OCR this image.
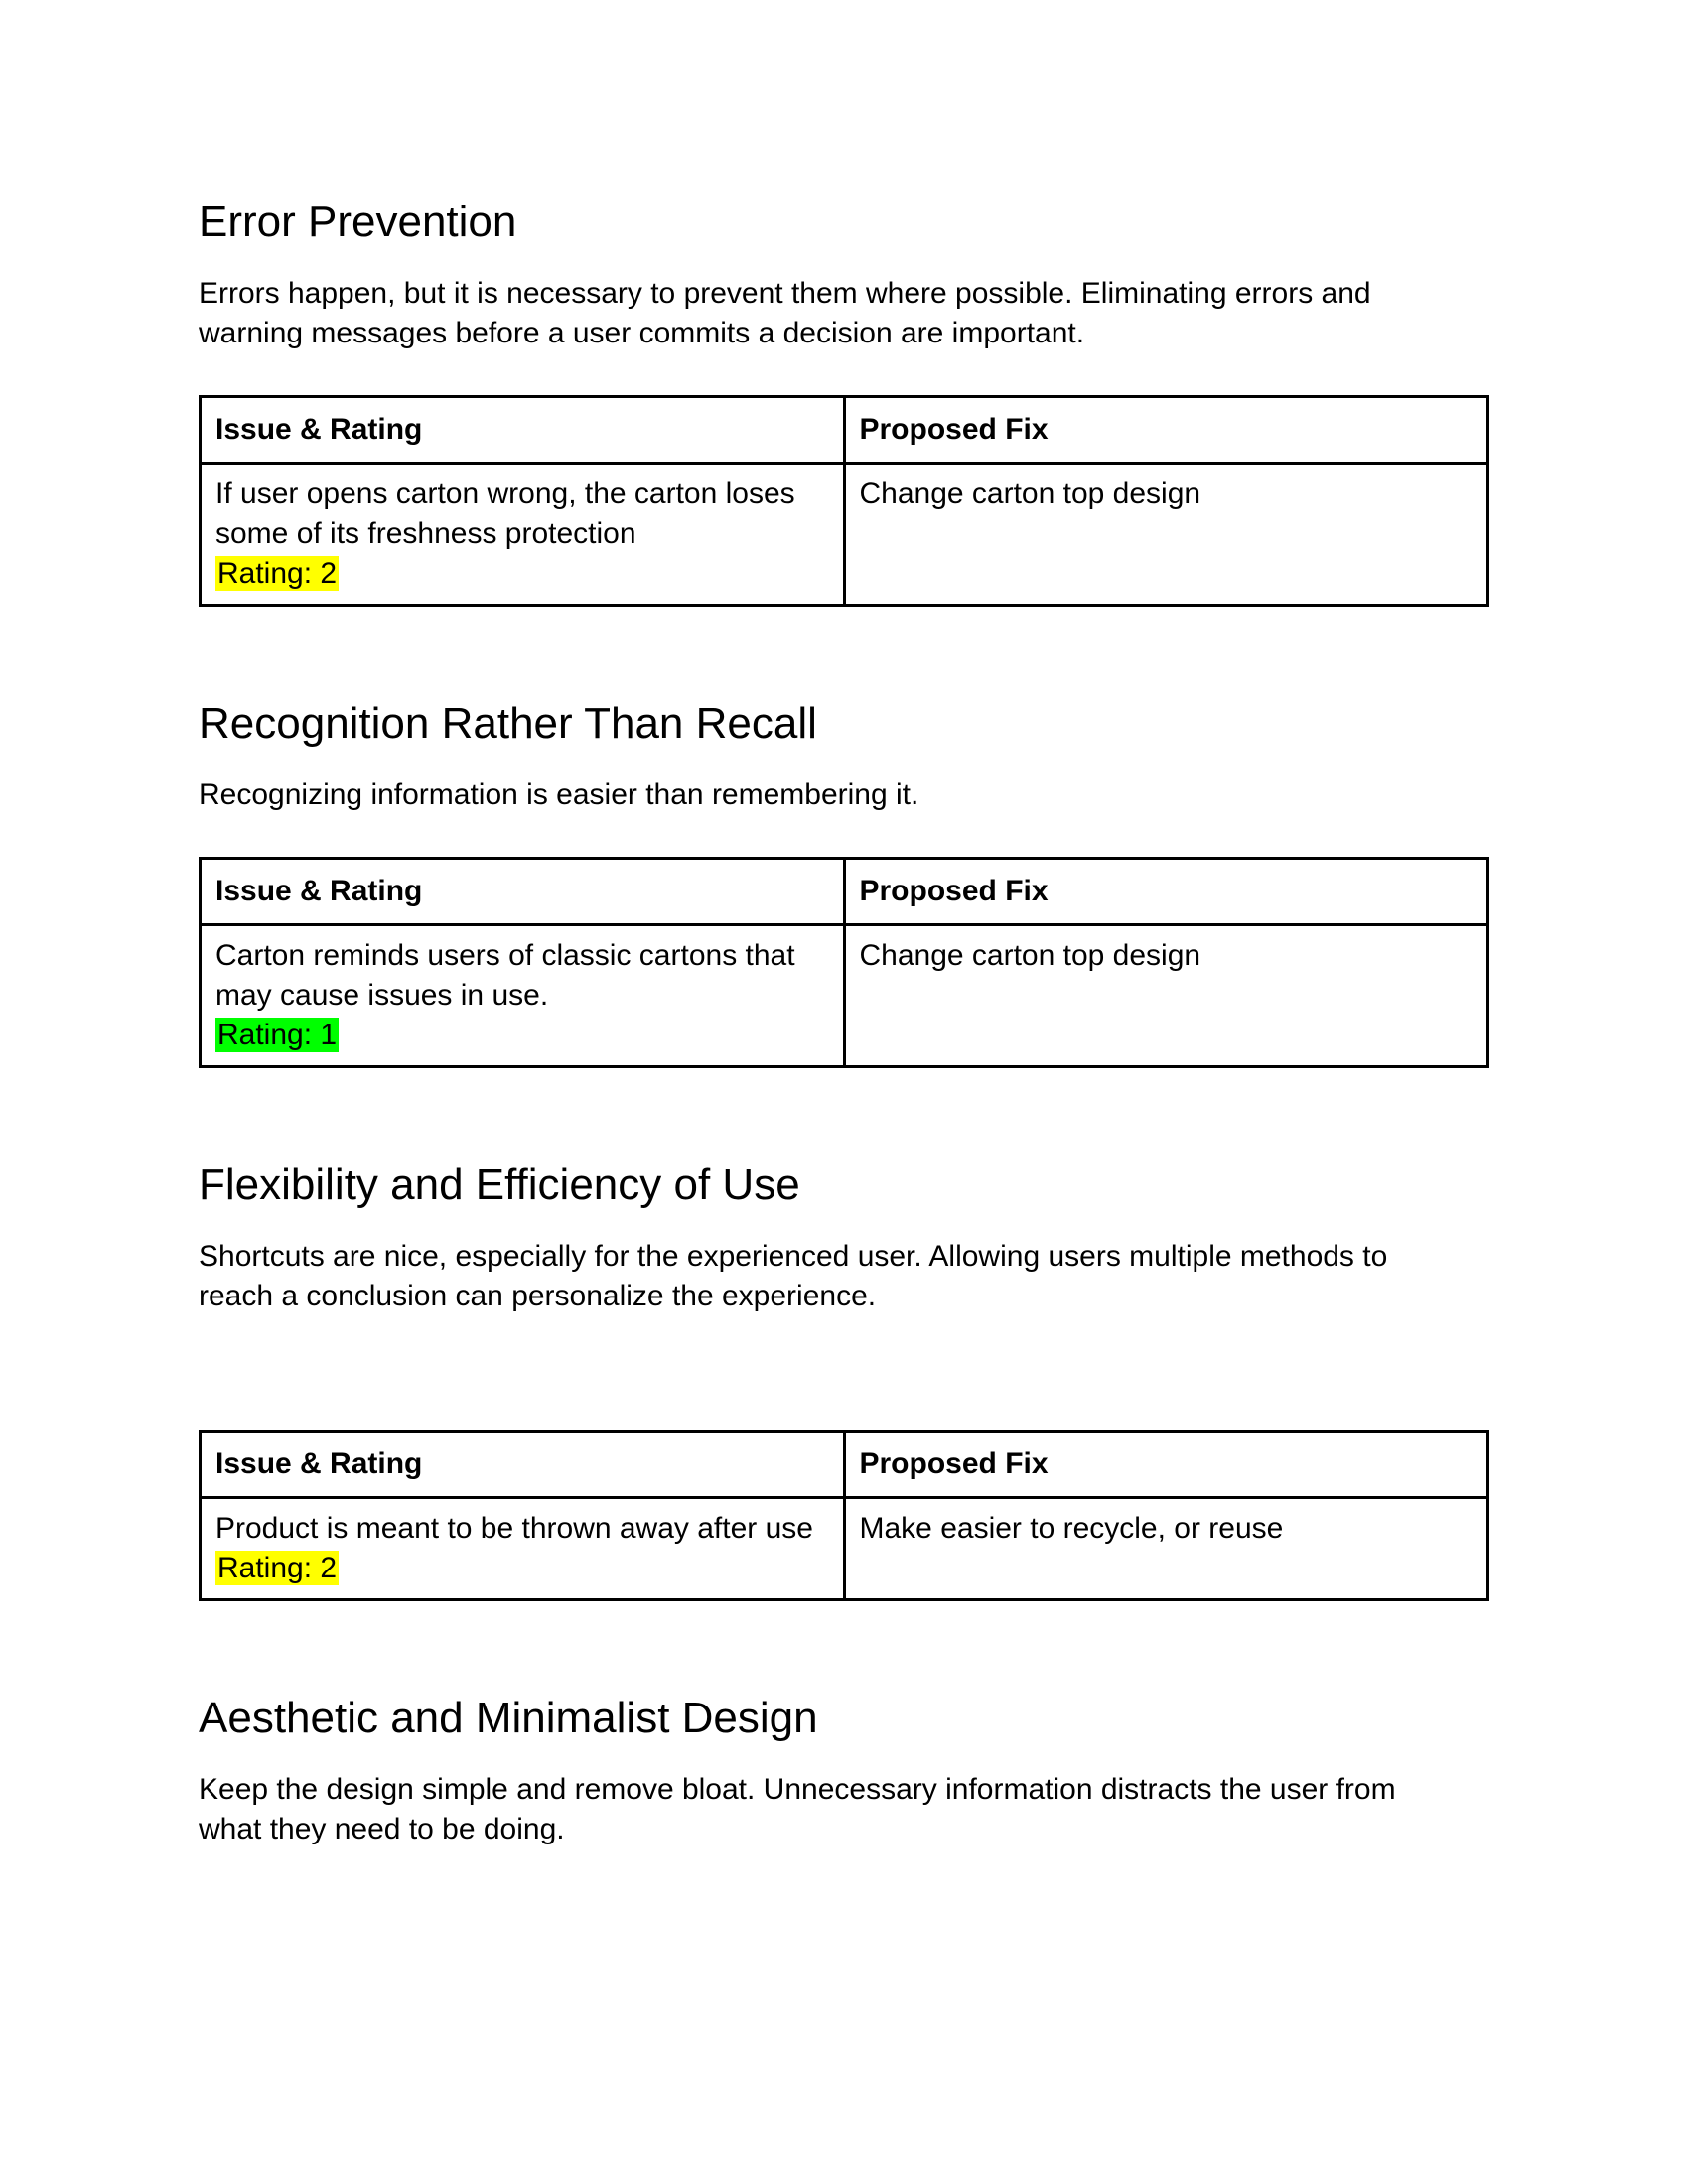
Error Prevention

Errors happen, but it is necessary to prevent them where possible. Eliminating errors and warning messages before a user commits a decision are important.

Issue & Rating	Proposed Fix

If user opens carton wrong, the carton loses some of its freshness protection
Rating: 2	Change carton top design
Recognition Rather Than Recall

Recognizing information is easier than remembering it.

Issue & Rating	Proposed Fix

Carton reminds users of classic cartons that may cause issues in use.
Rating: 1	Change carton top design
Flexibility and Efficiency of Use

Shortcuts are nice, especially for the experienced user. Allowing users multiple methods to reach a conclusion can personalize the experience.

Issue & Rating	Proposed Fix

Product is meant to be thrown away after use
Rating: 2	Make easier to recycle, or reuse
Aesthetic and Minimalist Design

Keep the design simple and remove bloat. Unnecessary information distracts the user from what they need to be doing.
